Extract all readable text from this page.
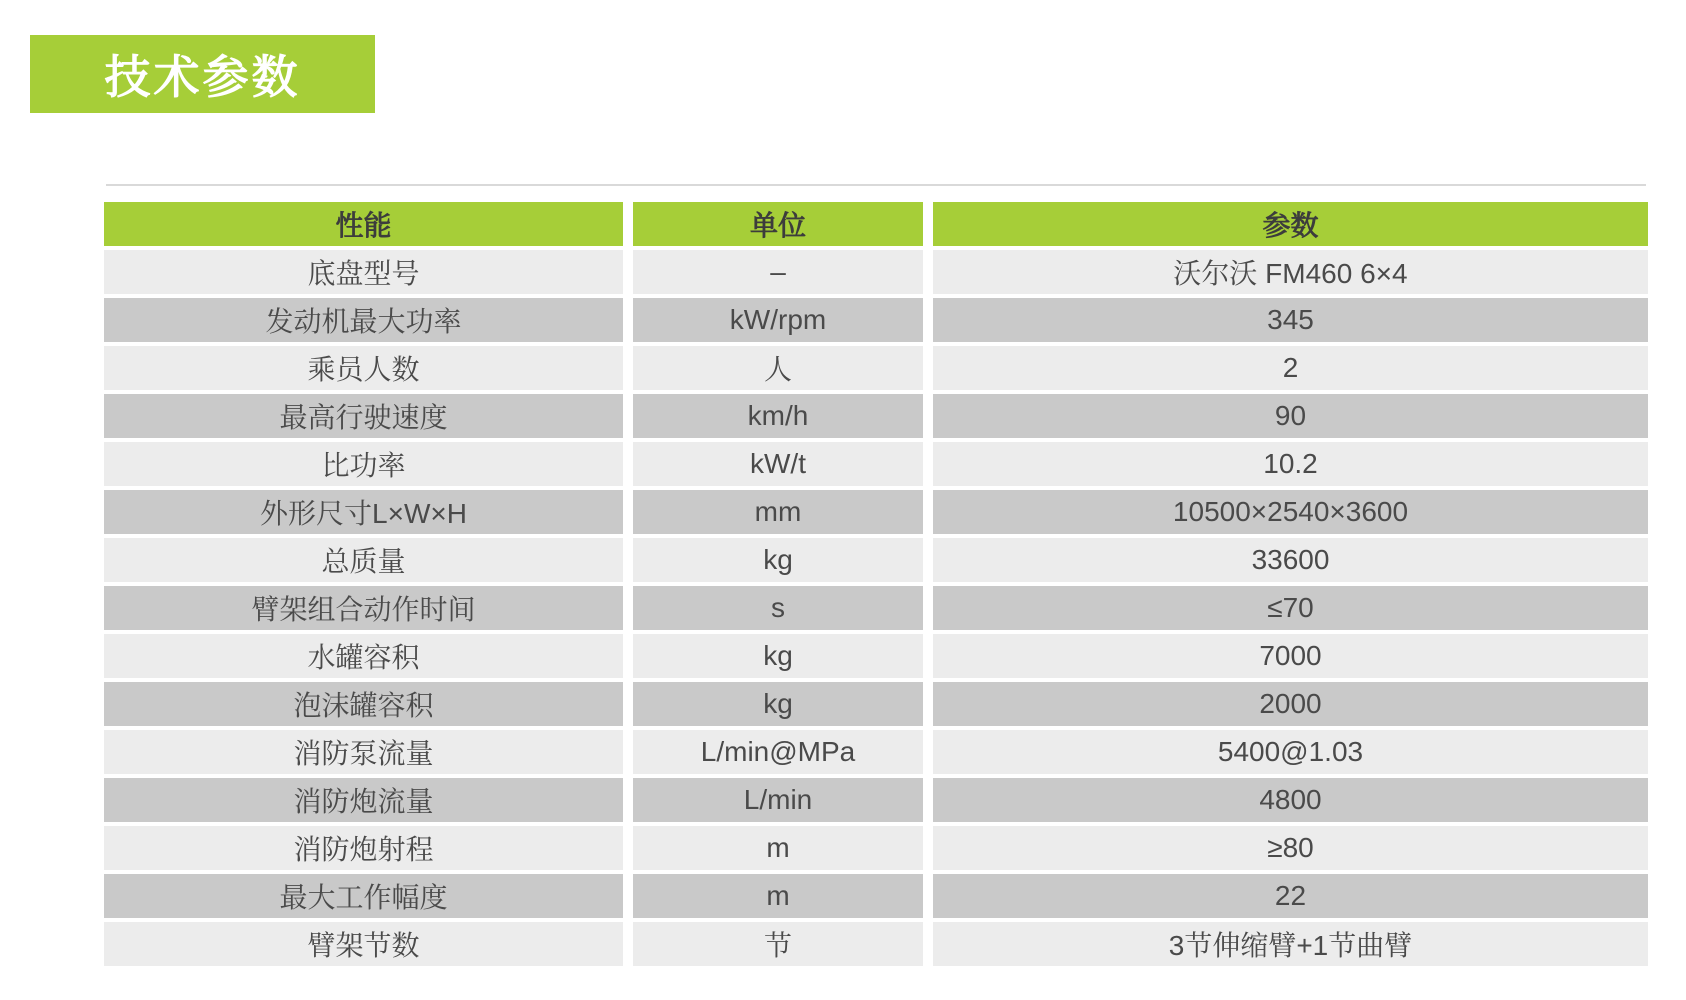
技术参数
性能	单位	参数
底盘型号	–	沃尔沃 FM460 6×4
发动机最大功率	kW/rpm	345
乘员人数	人	2
最高行驶速度	km/h	90
比功率	kW/t	10.2
外形尺寸L×W×H	mm	10500×2540×3600
总质量	kg	33600
臂架组合动作时间	s	≤70
水罐容积	kg	7000
泡沫罐容积	kg	2000
消防泵流量	L/min@MPa	5400@1.03
消防炮流量	L/min	4800
消防炮射程	m	≥80
最大工作幅度	m	22
臂架节数	节	3节伸缩臂+1节曲臂
